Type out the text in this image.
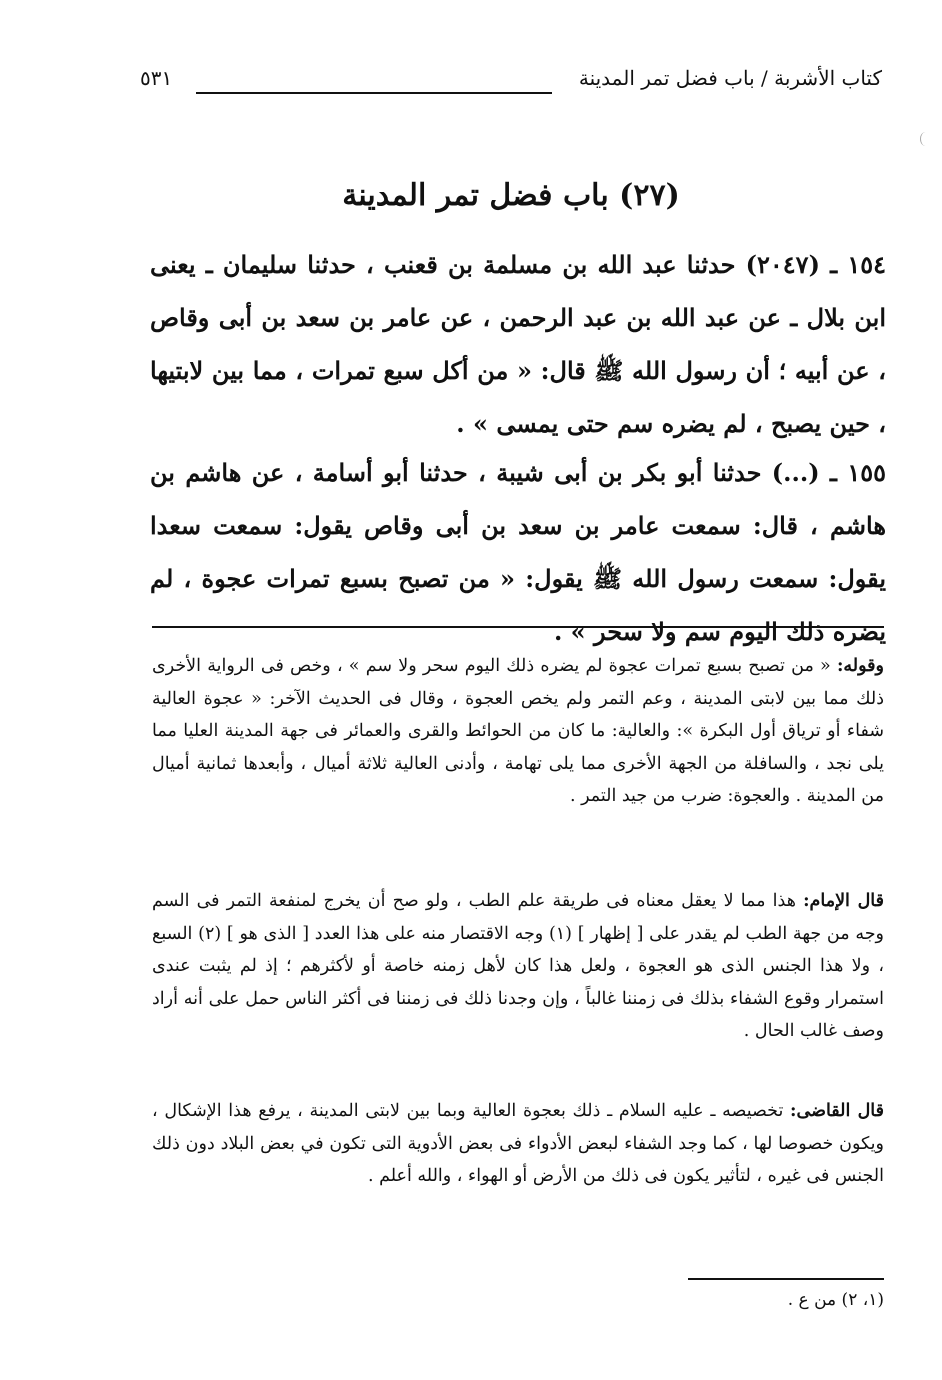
كتاب الأشربة / باب فضل تمر المدينة
٥٣١
(٢٧) باب فضل تمر المدينة
١٥٤ ـ (٢٠٤٧) حدثنا عبد الله بن مسلمة بن قعنب ، حدثنا سليمان ـ يعنى ابن بلال ـ عن عبد الله بن عبد الرحمن ، عن عامر بن سعد بن أبى وقاص ، عن أبيه ؛ أن رسول الله ﷺ قال: « من أكل سبع تمرات ، مما بين لابتيها ، حين يصبح ، لم يضره سم حتى يمسى » .
١٥٥ ـ (...) حدثنا أبو بكر بن أبى شيبة ، حدثنا أبو أسامة ، عن هاشم بن هاشم ، قال: سمعت عامر بن سعد بن أبى وقاص يقول: سمعت سعدا يقول: سمعت رسول الله ﷺ يقول: « من تصبح بسبع تمرات عجوة ، لم يضره ذلك اليوم سم ولا سحر » .
وقوله: « من تصبح بسبع تمرات عجوة لم يضره ذلك اليوم سحر ولا سم » ، وخص فى الرواية الأخرى ذلك مما بين لابتى المدينة ، وعم التمر ولم يخص العجوة ، وقال فى الحديث الآخر: « عجوة العالية شفاء أو ترياق أول البكرة »: والعالية: ما كان من الحوائط والقرى والعمائر فى جهة المدينة العليا مما يلى نجد ، والسافلة من الجهة الأخرى مما يلى تهامة ، وأدنى العالية ثلاثة أميال ، وأبعدها ثمانية أميال من المدينة . والعجوة: ضرب من جيد التمر .
قال الإمام: هذا مما لا يعقل معناه فى طريقة علم الطب ، ولو صح أن يخرج لمنفعة التمر فى السم وجه من جهة الطب لم يقدر على [ إظهار ] (١) وجه الاقتصار منه على هذا العدد [ الذى هو ] (٢) السبع ، ولا هذا الجنس الذى هو العجوة ، ولعل هذا كان لأهل زمنه خاصة أو لأكثرهم ؛ إذ لم يثبت عندى استمرار وقوع الشفاء بذلك فى زمننا غالباً ، وإن وجدنا ذلك فى زمننا فى أكثر الناس حمل على أنه أراد وصف غالب الحال .
قال القاضى: تخصيصه ـ عليه السلام ـ ذلك بعجوة العالية وبما بين لابتى المدينة ، يرفع هذا الإشكال ، ويكون خصوصا لها ، كما وجد الشفاء لبعض الأدواء فى بعض الأدوية التى تكون في بعض البلاد دون ذلك الجنس فى غيره ، لتأثير يكون فى ذلك من الأرض أو الهواء ، والله أعلم .
(١، ٢) من ع .
